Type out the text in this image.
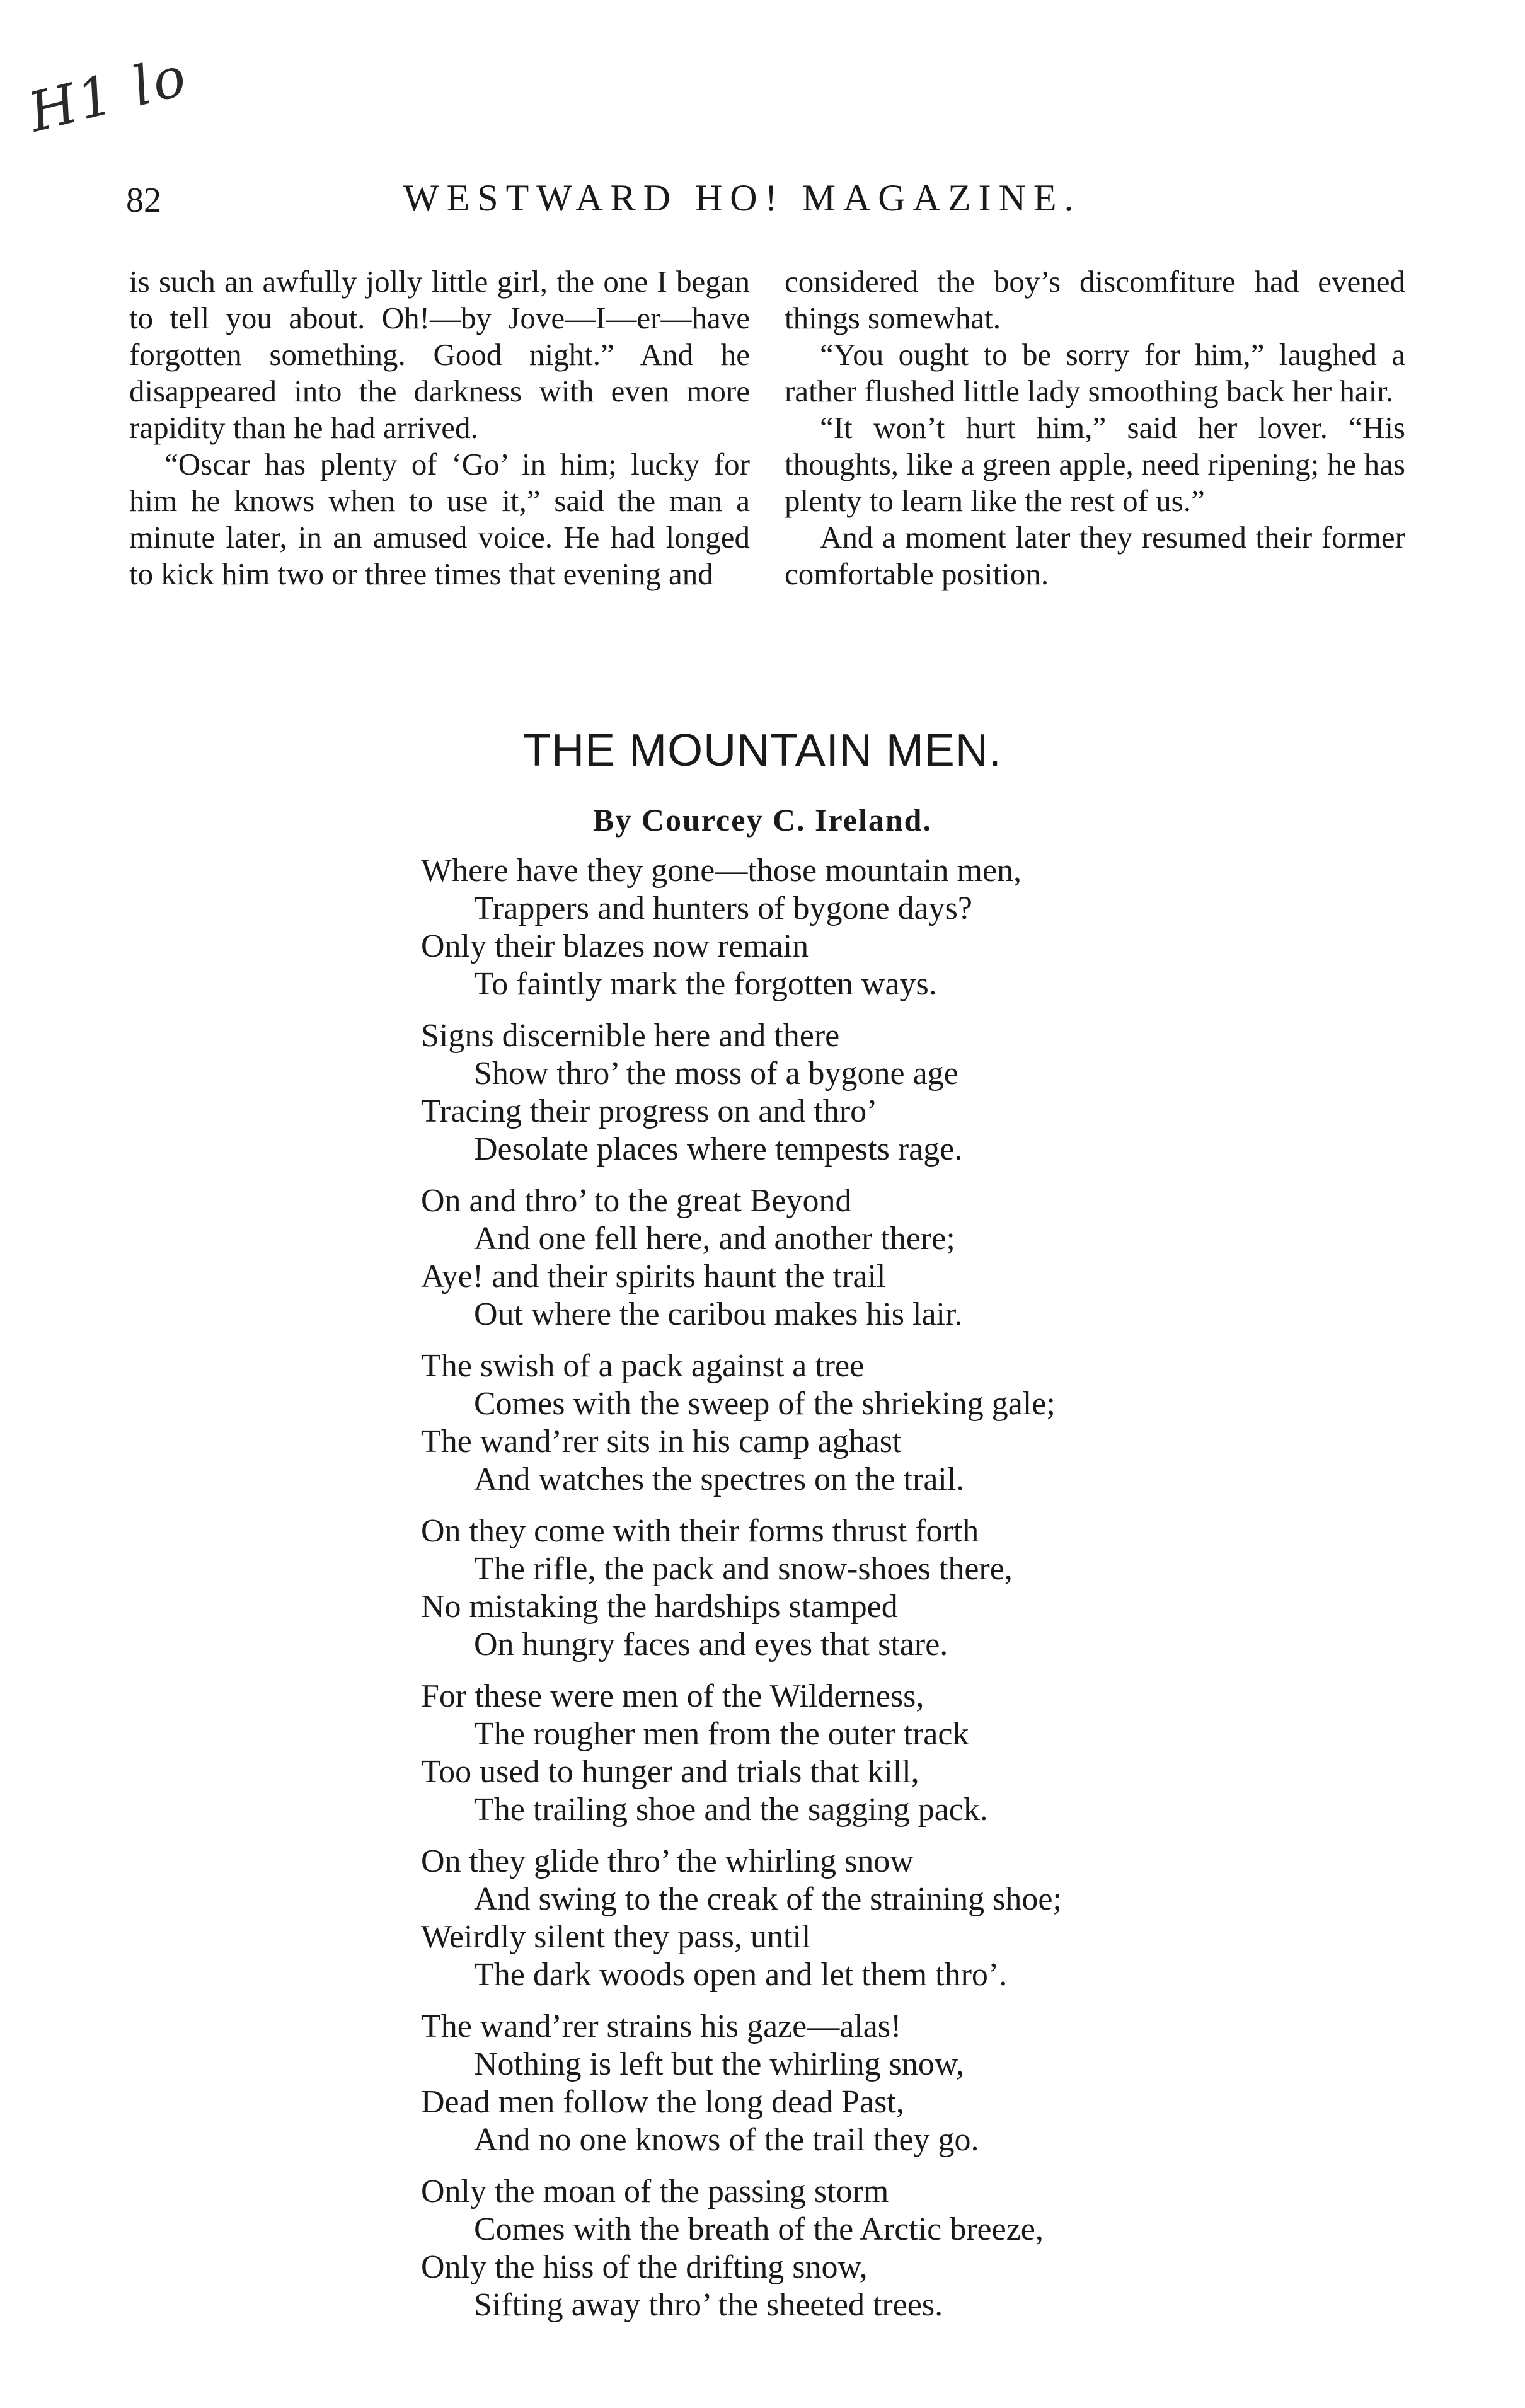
H1 lo
82	WESTWARD HO! MAGAZINE.

is such an awfully jolly little girl, the one I began to tell you about. Oh!—by Jove—I—er—have forgotten something. Good night.” And he disappeared into the darkness with even more rapidity than he had arrived.

“Oscar has plenty of ‘Go’ in him; lucky for him he knows when to use it,” said the man a minute later, in an amused voice. He had longed to kick him two or three times that evening and

considered the boy’s discomfiture had evened things somewhat.

“You ought to be sorry for him,” laughed a rather flushed little lady smoothing back her hair.

“It won’t hurt him,” said her lover. “His thoughts, like a green apple, need ripening; he has plenty to learn like the rest of us.”

And a moment later they resumed their former comfortable position.

THE MOUNTAIN MEN.
By Courcey C. Ireland.
Where have they gone—those mountain men,
Trappers and hunters of bygone days?
Only their blazes now remain
To faintly mark the forgotten ways.
Signs discernible here and there
Show thro’ the moss of a bygone age
Tracing their progress on and thro’
Desolate places where tempests rage.
On and thro’ to the great Beyond
And one fell here, and another there;
Aye! and their spirits haunt the trail
Out where the caribou makes his lair.
The swish of a pack against a tree
Comes with the sweep of the shrieking gale;
The wand’rer sits in his camp aghast
And watches the spectres on the trail.
On they come with their forms thrust forth
The rifle, the pack and snow-shoes there,
No mistaking the hardships stamped
On hungry faces and eyes that stare.
For these were men of the Wilderness,
The rougher men from the outer track
Too used to hunger and trials that kill,
The trailing shoe and the sagging pack.
On they glide thro’ the whirling snow
And swing to the creak of the straining shoe;
Weirdly silent they pass, until
The dark woods open and let them thro’.
The wand’rer strains his gaze—alas!
Nothing is left but the whirling snow,
Dead men follow the long dead Past,
And no one knows of the trail they go.
Only the moan of the passing storm
Comes with the breath of the Arctic breeze,
Only the hiss of the drifting snow,
Sifting away thro’ the sheeted trees.
